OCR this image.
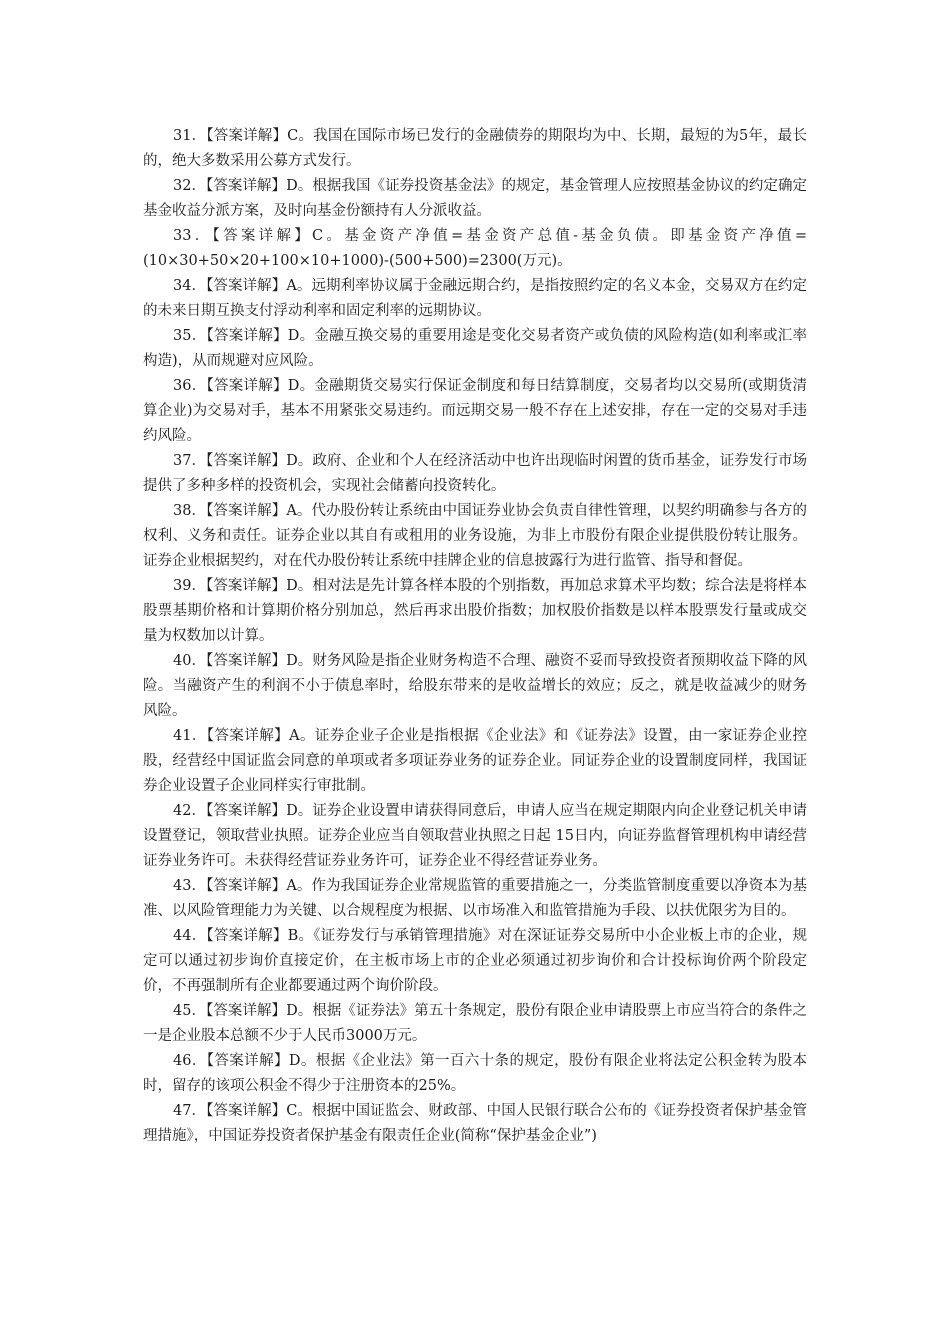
31．【答案详解】C。我国在国际市场已发行的金融债券的期限均为中、长期，最短的为5年，最长的，绝大多数采用公募方式发行。

32．【答案详解】D。根据我国《证券投资基金法》的规定，基金管理人应按照基金协议的约定确定基金收益分派方案，及时向基金份额持有人分派收益。

33．【答案详解】C。基金资产净值=基金资产总值-基金负债。即基金资产净值=(10×30+50×20+100×10+1000)-(500+500)=2300(万元)。

34．【答案详解】A。远期利率协议属于金融远期合约，是指按照约定的名义本金，交易双方在约定的未来日期互换支付浮动利率和固定利率的远期协议。

35．【答案详解】D。金融互换交易的重要用途是变化交易者资产或负债的风险构造(如利率或汇率构造)，从而规避对应风险。

36．【答案详解】D。金融期货交易实行保证金制度和每日结算制度，交易者均以交易所(或期货清算企业)为交易对手，基本不用紧张交易违约。而远期交易一般不存在上述安排，存在一定的交易对手违约风险。

37．【答案详解】D。政府、企业和个人在经济活动中也许出现临时闲置的货币基金，证券发行市场提供了多种多样的投资机会，实现社会储蓄向投资转化。

38．【答案详解】A。代办股份转让系统由中国证券业协会负责自律性管理，以契约明确参与各方的权利、义务和责任。证券企业以其自有或租用的业务设施，为非上市股份有限企业提供股份转让服务。证券企业根据契约，对在代办股份转让系统中挂牌企业的信息披露行为进行监管、指导和督促。

39．【答案详解】D。相对法是先计算各样本股的个别指数，再加总求算术平均数；综合法是将样本股票基期价格和计算期价格分别加总，然后再求出股价指数；加权股价指数是以样本股票发行量或成交量为权数加以计算。

40．【答案详解】D。财务风险是指企业财务构造不合理、融资不妥而导致投资者预期收益下降的风险。当融资产生的利润不小于债息率时，给股东带来的是收益增长的效应；反之，就是收益减少的财务风险。

41．【答案详解】A。证券企业子企业是指根据《企业法》和《证券法》设置，由一家证券企业控股，经营经中国证监会同意的单项或者多项证券业务的证券企业。同证券企业的设置制度同样，我国证券企业设置子企业同样实行审批制。

42．【答案详解】D。证券企业设置申请获得同意后，申请人应当在规定期限内向企业登记机关申请设置登记，领取营业执照。证券企业应当自领取营业执照之日起 15日内，向证券监督管理机构申请经营证券业务许可。未获得经营证券业务许可，证券企业不得经营证券业务。

43．【答案详解】A。作为我国证券企业常规监管的重要措施之一，分类监管制度重要以净资本为基准、以风险管理能力为关键、以合规程度为根据、以市场准入和监管措施为手段、以扶优限劣为目的。

44．【答案详解】B。《证券发行与承销管理措施》对在深证证券交易所中小企业板上市的企业，规定可以通过初步询价直接定价，在主板市场上市的企业必须通过初步询价和合计投标询价两个阶段定价，不再强制所有企业都要通过两个询价阶段。

45．【答案详解】D。根据《证券法》第五十条规定，股份有限企业申请股票上市应当符合的条件之一是企业股本总额不少于人民币3000万元。

46．【答案详解】D。根据《企业法》第一百六十条的规定，股份有限企业将法定公积金转为股本时，留存的该项公积金不得少于注册资本的25%。

47．【答案详解】C。根据中国证监会、财政部、中国人民银行联合公布的《证券投资者保护基金管理措施》，中国证券投资者保护基金有限责任企业(简称“保护基金企业”)
